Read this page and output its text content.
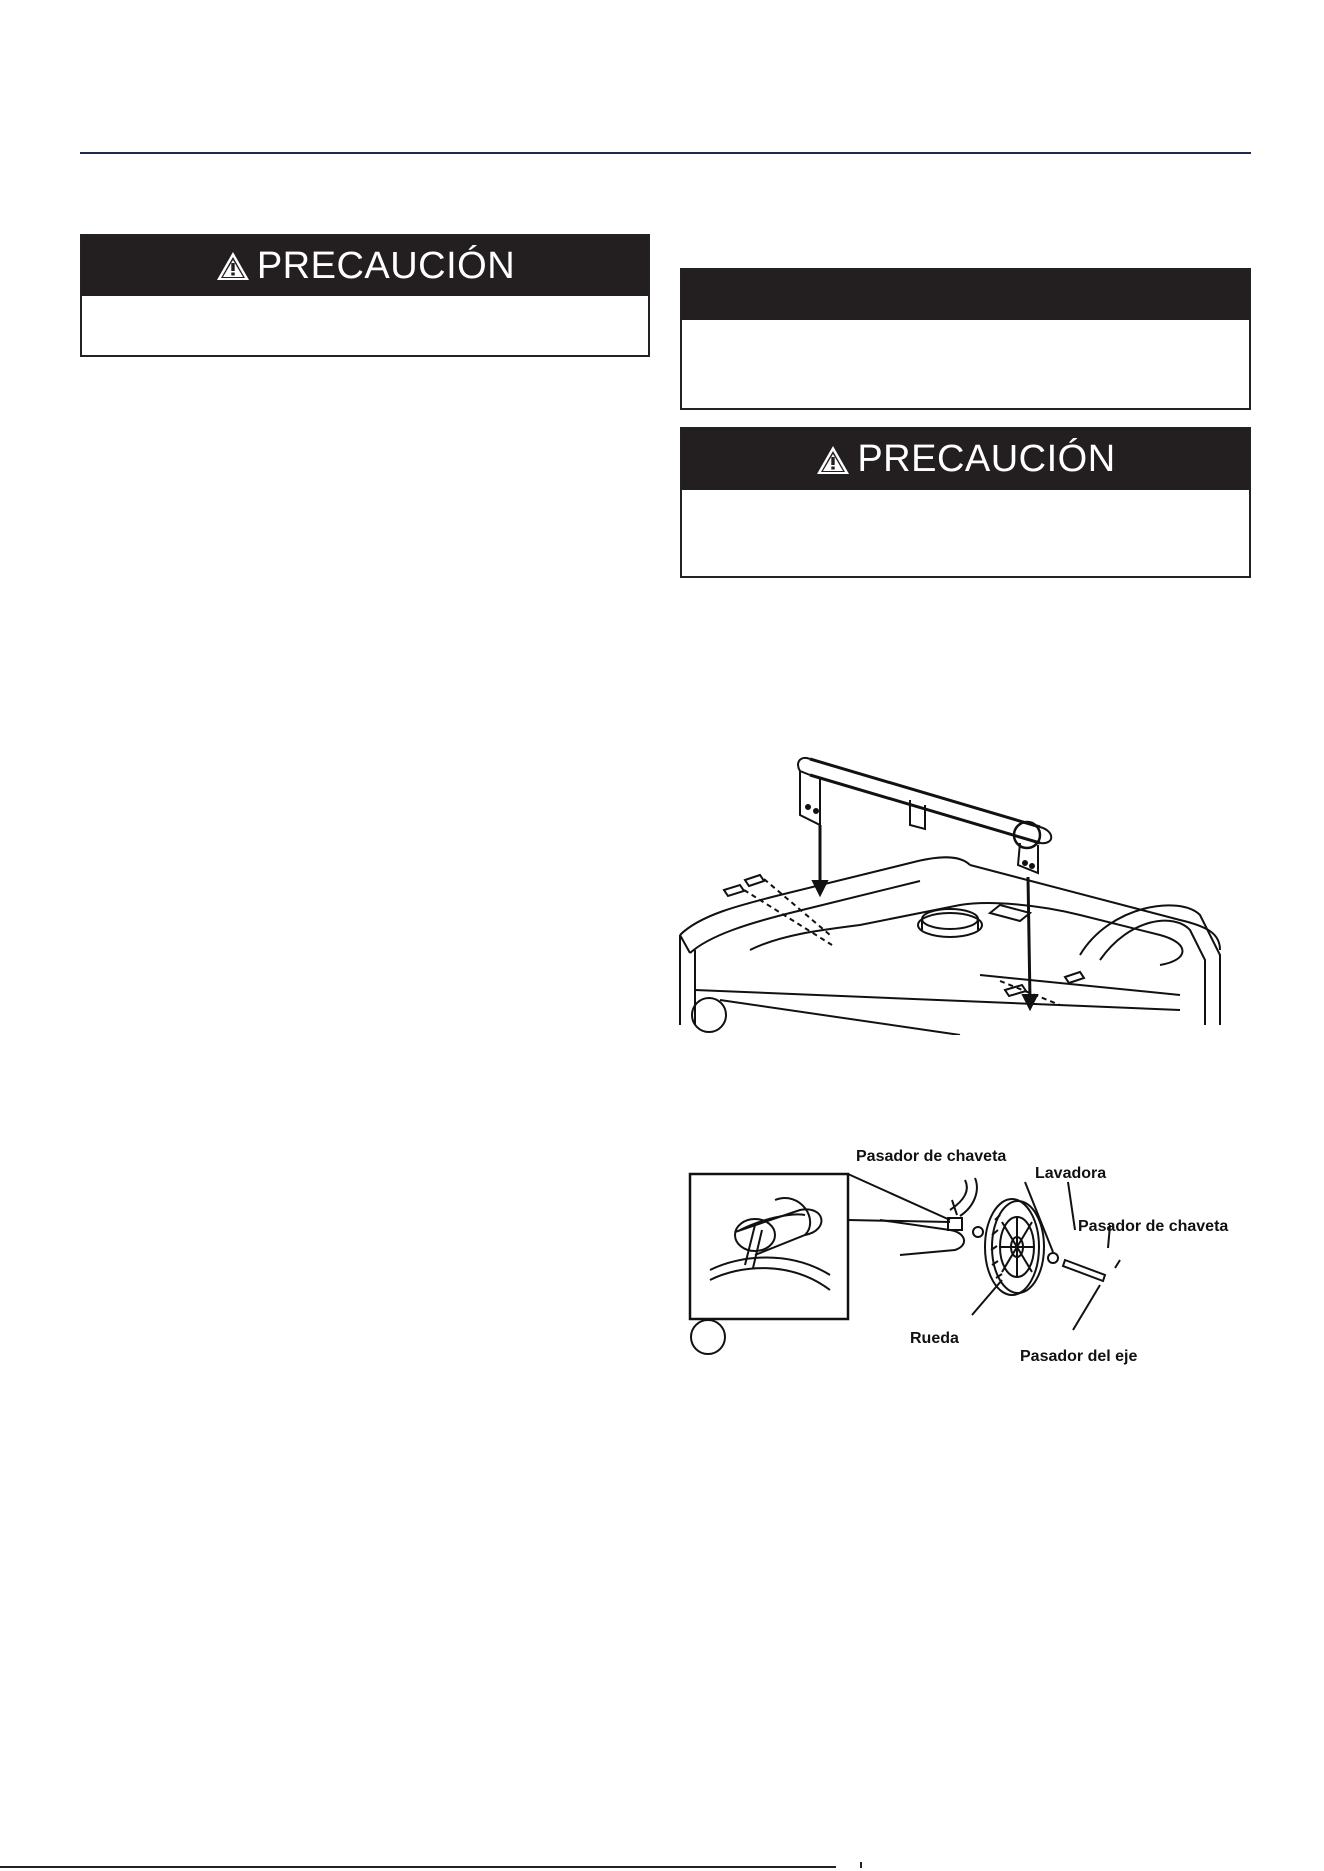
PRECAUCIÓN
PRECAUCIÓN
Pasador de chaveta
Lavadora
Pasador de chaveta
Rueda
Pasador del eje
